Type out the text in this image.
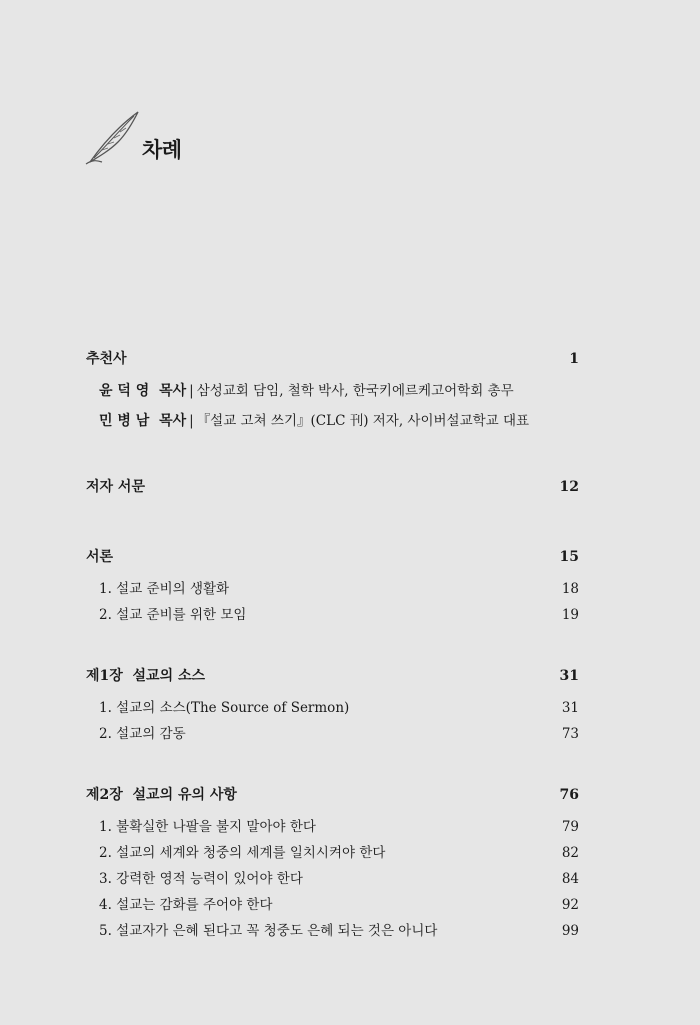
차례
추천사	1
윤 덕 영  목사 | 삼성교회 담임, 철학 박사, 한국키에르케고어학회 총무
민 병 남  목사 | 『설교 고쳐 쓰기』(CLC 刊) 저자, 사이버설교학교 대표
저자 서문	12
서론	15
1. 설교 준비의 생활화	18
2. 설교 준비를 위한 모임	19
제1장  설교의 소스	31
1. 설교의 소스(The Source of Sermon)	31
2. 설교의 감동	73
제2장  설교의 유의 사항	76
1. 불확실한 나팔을 불지 말아야 한다	79
2. 설교의 세계와 청중의 세계를 일치시켜야 한다	82
3. 강력한 영적 능력이 있어야 한다	84
4. 설교는 감화를 주어야 한다	92
5. 설교자가 은혜 된다고 꼭 청중도 은혜 되는 것은 아니다	99
